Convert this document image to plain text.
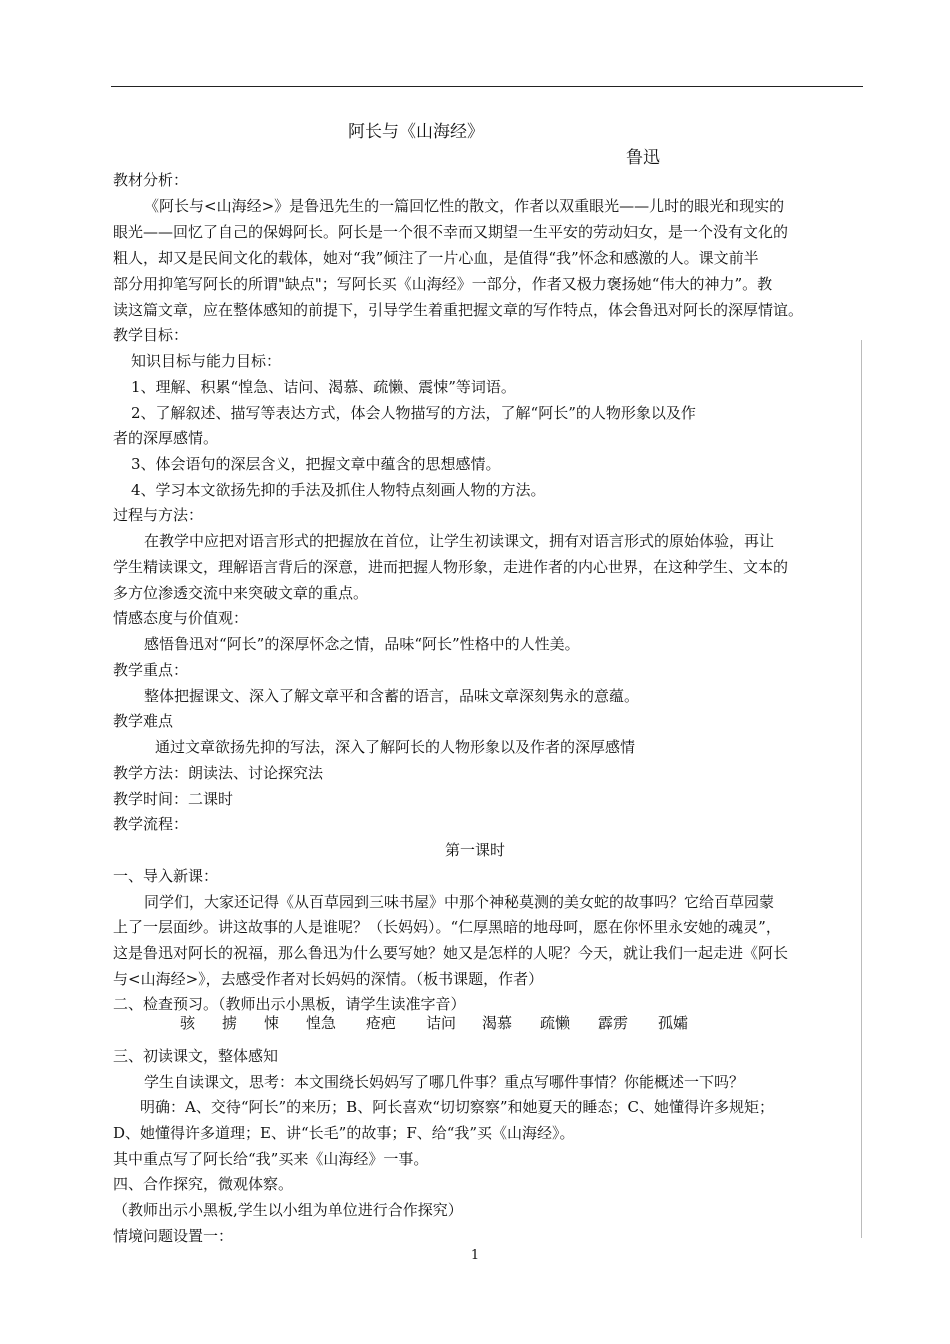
阿长与《山海经》
鲁迅
教材分析：
《阿长与<山海经>》是鲁迅先生的一篇回忆性的散文，作者以双重眼光——儿时的眼光和现实的
眼光——回忆了自己的保姆阿长。阿长是一个很不幸而又期望一生平安的劳动妇女，是一个没有文化的
粗人，却又是民间文化的载体，她对“我”倾注了一片心血，是值得“我”怀念和感激的人。课文前半
部分用抑笔写阿长的所谓"缺点"；写阿长买《山海经》一部分，作者又极力褒扬她“伟大的神力”。教
读这篇文章，应在整体感知的前提下，引导学生着重把握文章的写作特点，体会鲁迅对阿长的深厚情谊。
教学目标：
知识目标与能力目标：
1、理解、积累“惶急、诘问、渴慕、疏懒、震悚”等词语。
2、了解叙述、描写等表达方式，体会人物描写的方法，了解“阿长”的人物形象以及作
者的深厚感情。
3、体会语句的深层含义，把握文章中蕴含的思想感情。
4、学习本文欲扬先抑的手法及抓住人物特点刻画人物的方法。
过程与方法：
在教学中应把对语言形式的把握放在首位，让学生初读课文，拥有对语言形式的原始体验，再让
学生精读课文，理解语言背后的深意，进而把握人物形象，走进作者的内心世界，在这种学生、文本的
多方位渗透交流中来突破文章的重点。
情感态度与价值观：
感悟鲁迅对“阿长”的深厚怀念之情，品味“阿长”性格中的人性美。
教学重点：
整体把握课文、深入了解文章平和含蓄的语言，品味文章深刻隽永的意蕴。
教学难点
通过文章欲扬先抑的写法，深入了解阿长的人物形象以及作者的深厚感情
教学方法：朗读法、讨论探究法
教学时间：二课时
教学流程：
第一课时
一、导入新课：
同学们，大家还记得《从百草园到三味书屋》中那个神秘莫测的美女蛇的故事吗？它给百草园蒙
上了一层面纱。讲这故事的人是谁呢？（长妈妈）。“仁厚黑暗的地母呵，愿在你怀里永安她的魂灵”，
这是鲁迅对阿长的祝福，那么鲁迅为什么要写她？她又是怎样的人呢？今天，就让我们一起走进《阿长
与<山海经>》，去感受作者对长妈妈的深情。（板书课题，作者）
二、检查预习。（教师出示小黑板，请学生读准字音）
骇 掳 悚 惶急 疮疤 诘问 渴慕 疏懒 霹雳 孤孀
三、初读课文，整体感知
学生自读课文，思考：本文围绕长妈妈写了哪几件事？重点写哪件事情？你能概述一下吗？
明确：A、交待“阿长”的来历；B、阿长喜欢“切切察察”和她夏天的睡态；C、她懂得许多规矩；
D、她懂得许多道理；E、讲“长毛”的故事；F、给“我”买《山海经》。
其中重点写了阿长给“我”买来《山海经》一事。
四、合作探究，微观体察。
（教师出示小黑板,学生以小组为单位进行合作探究）
情境问题设置一：
1
